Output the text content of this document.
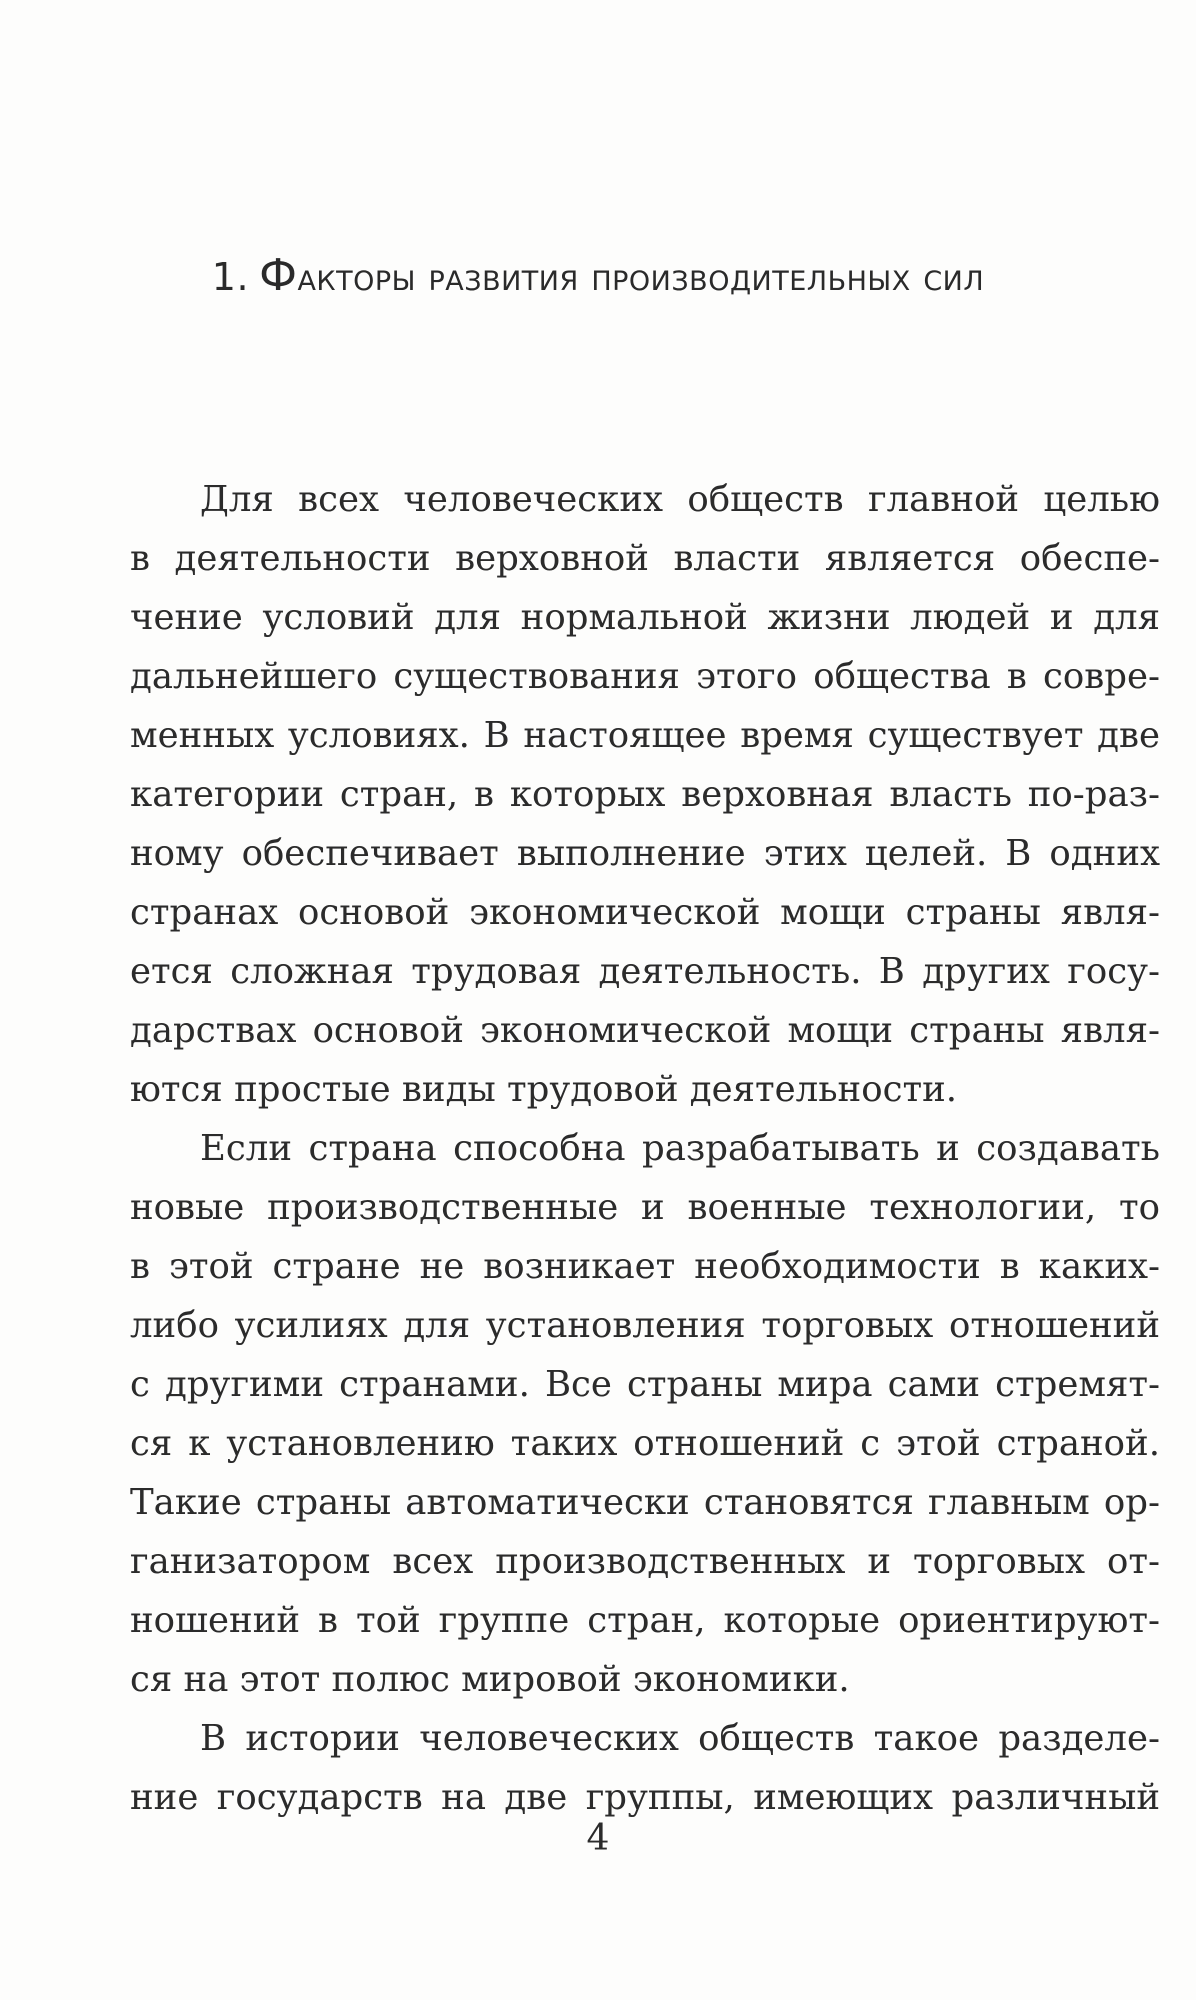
1. Факторы развития производительных сил
Для всех человеческих обществ главной целью
в деятельности верховной власти является обеспе-
чение условий для нормальной жизни людей и для
дальнейшего существования этого общества в совре-
менных условиях. В настоящее время существует две
категории стран, в которых верховная власть по-раз-
ному обеспечивает выполнение этих целей. В одних
странах основой экономической мощи страны явля-
ется сложная трудовая деятельность. В других госу-
дарствах основой экономической мощи страны явля-
ются простые виды трудовой деятельности.
Если страна способна разрабатывать и создавать
новые производственные и военные технологии, то
в этой стране не возникает необходимости в каких-
либо усилиях для установления торговых отношений
с другими странами. Все страны мира сами стремят-
ся к установлению таких отношений с этой страной.
Такие страны автоматически становятся главным ор-
ганизатором всех производственных и торговых от-
ношений в той группе стран, которые ориентируют-
ся на этот полюс мировой экономики.
В истории человеческих обществ такое разделе-
ние государств на две группы, имеющих различный
4
